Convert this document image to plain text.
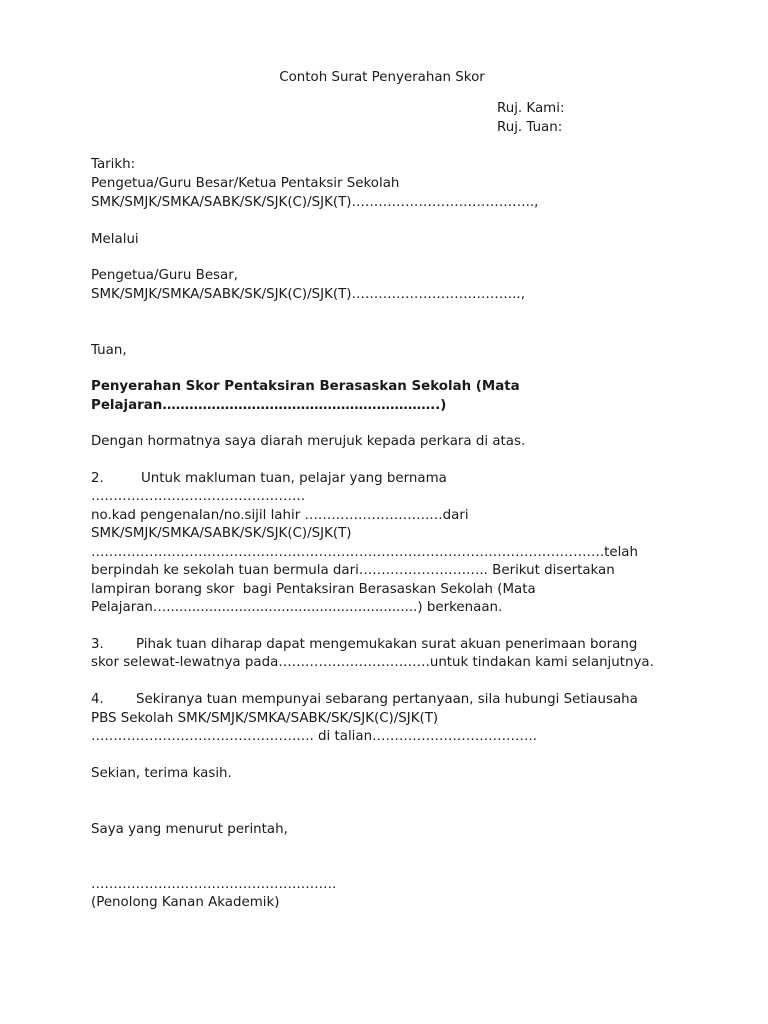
Contoh Surat Penyerahan Skor
Ruj. Kami:
Ruj. Tuan:
Tarikh:
Pengetua/Guru Besar/Ketua Pentaksir Sekolah
SMK/SMJK/SMKA/SABK/SK/SJK(C)/SJK(T)…………………………………..,
Melalui
Pengetua/Guru Besar,
SMK/SMJK/SMKA/SABK/SK/SJK(C)/SJK(T)………………………………..,
Tuan,
Penyerahan Skor Pentaksiran Berasaskan Sekolah (Mata
Pelajaran……………………………………………………..)
Dengan hormatnya saya diarah merujuk kepada perkara di atas.
2.	Untuk makluman tuan, pelajar yang bernama
…………………………………………
no.kad pengenalan/no.sijil lahir ……………………….…dari
SMK/SMJK/SMKA/SABK/SK/SJK(C)/SJK(T)
…………………………………………………………………………………………………….telah
berpindah ke sekolah tuan bermula dari……………………….. Berikut disertakan
lampiran borang skor  bagi Pentaksiran Berasaskan Sekolah (Mata
Pelajaran…...........................................................) berkenaan.
3. Pihak tuan diharap dapat mengemukakan surat akuan penerimaan borang
skor selewat-lewatnya pada…………………………….untuk tindakan kami selanjutnya.
4. Sekiranya tuan mempunyai sebarang pertanyaan, sila hubungi Setiausaha
PBS Sekolah SMK/SMJK/SMKA/SABK/SK/SJK(C)/SJK(T)
………………………………………….. di talian……………………………….
Sekian, terima kasih.
Saya yang menurut perintah,
……………………………………………….
(Penolong Kanan Akademik)
